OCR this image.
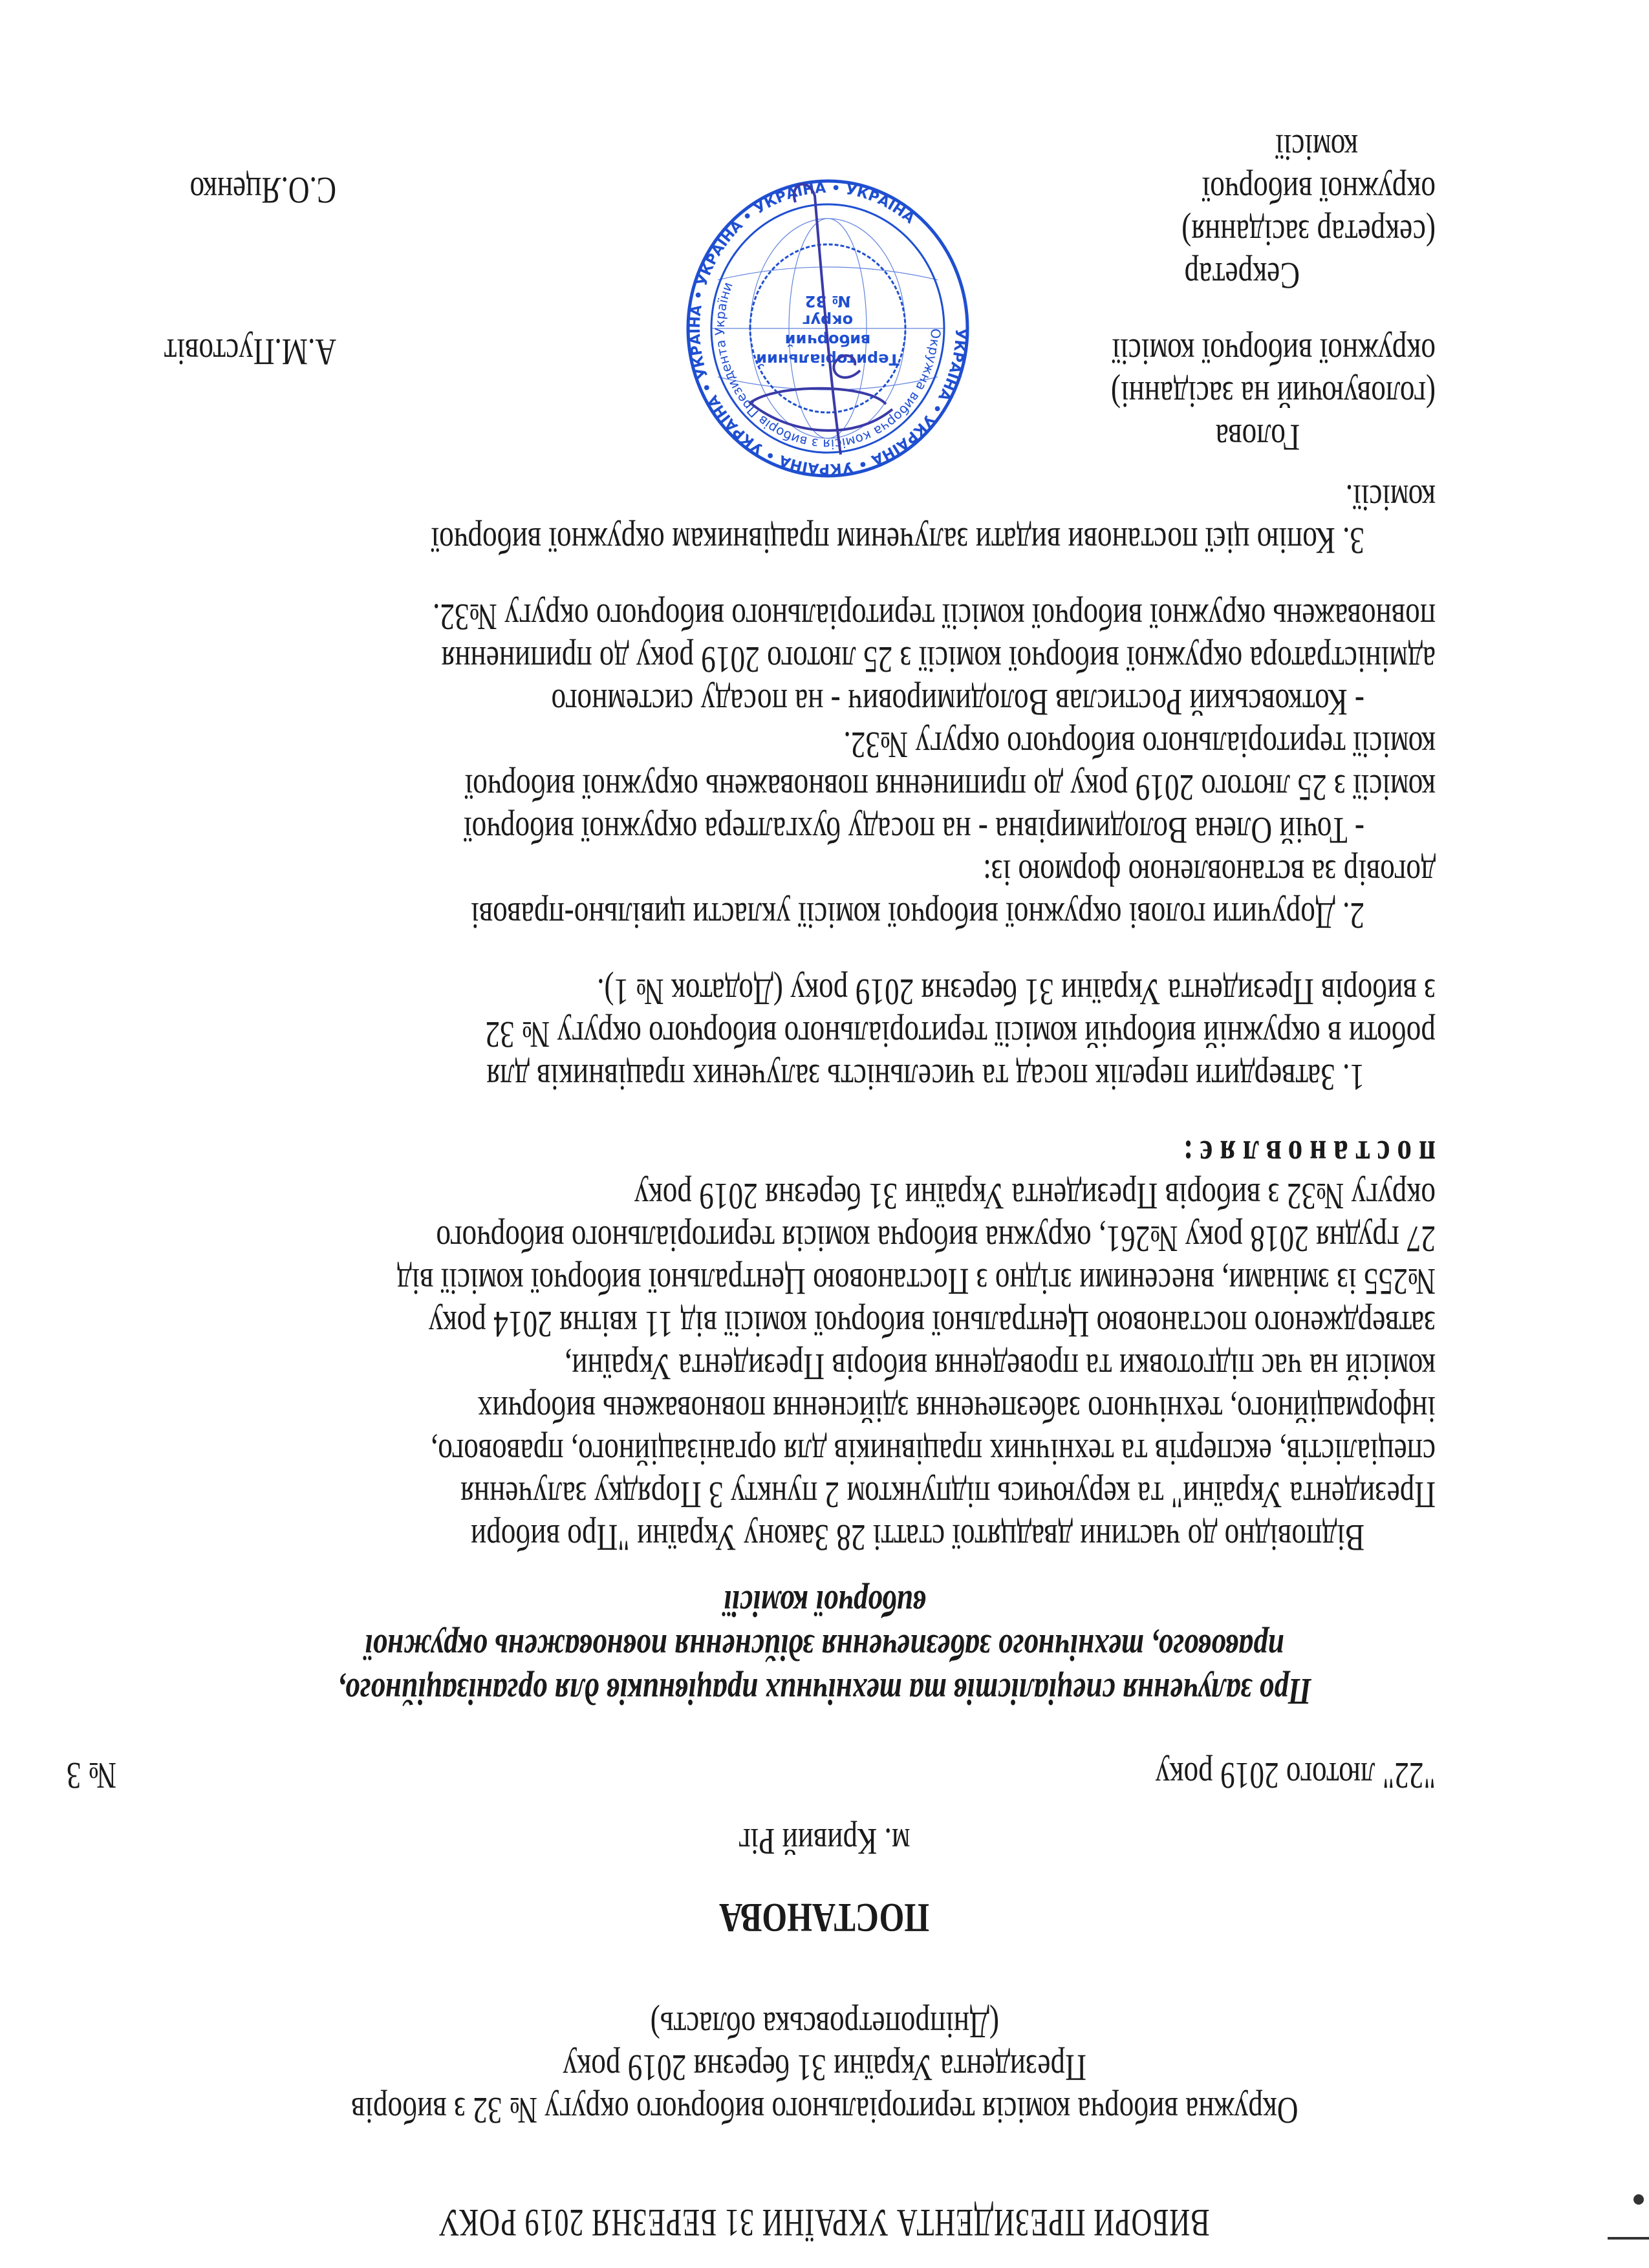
ВИБОРИ ПРЕЗИДЕНТА УКРАЇНИ 31 БЕРЕЗНЯ 2019 РОКУ
Окружна виборча комісія територіального виборчого округу № 32 з виборів
Президента України 31 березня 2019 року
(Дніпропетровська область)
ПОСТАНОВА
м. Кривий Ріг
"22" лютого 2019 року
№ 3
Про залучення спеціалістів та технічних працівників для організаційного,
правового, технічного забезпечення здійснення повноважень окружної
виборчої комісії
Відповідно до частини двадцятої статті 28 Закону України "Про вибори
Президента України" та керуючись підпунктом 2 пункту 3 Порядку залучення
спеціалістів, експертів та технічних працівників для організаційного, правового,
інформаційного, технічного забезпечення здійснення повноважень виборчих
комісій на час підготовки та проведення виборів Президента України,
затвердженого постановою Центральної виборчої комісії від 11 квітня 2014 року
№255 із змінами, внесеними згідно з Постановою Центральної виборчої комісії від
27 грудня 2018 року №261, окружна виборча комісія територіального виборчого
округу №32 з виборів Президента України 31 березня 2019 року
постановляє:
1. Затвердити перелік посад та чисельність залучених працівників для
роботи в окружній виборчій комісії територіального виборчого округу № 32
з виборів Президента України 31 березня 2019 року (Додаток № 1).
2. Доручити голові окружної виборчої комісії укласти цивільно-правові
договір за встановленою формою із:
- Точій Олена Володимирівна - на посаду бухгалтера окружної виборчої
комісії з 25 лютого 2019 року до припинення повноважень окружної виборчої
комісії територіального виборчого округу №32.
- Котковський Ростислав Володимирович - на посаду системного
адміністратора окружної виборчої комісії з 25 лютого 2019 року до припинення
повноважень окружної виборчої комісії територіального виборчого округу №32.
3. Копію цієї постанови видати залученим працівникам окружної виборчої
комісії.
Голова
(головуючий на засіданні)
окружної виборчої комісії
А.М.Пустовіт
Секретар
(секретар засідання)
окружної виборчої
комісії
С.О.Яценко
УКРАЇНА • УКРАЇНА • УКРАЇНА • УКРАЇНА • УКРАЇНА • УКРАЇНА • УКРАЇНА • УКРАЇНА
Окружна виборча комісія з виборів Президента України
Територіальний
виборчий
округ
№ 32
